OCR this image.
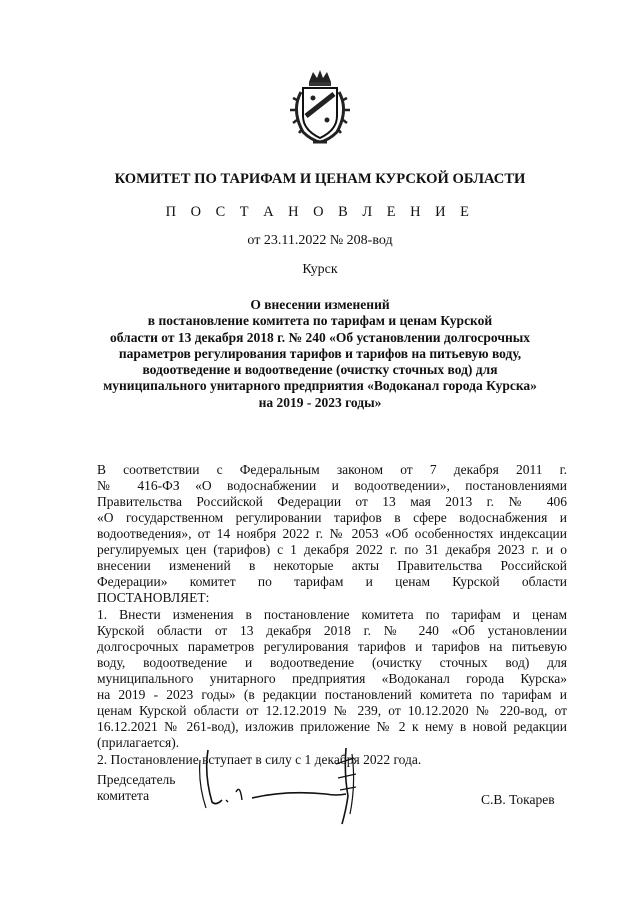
КОМИТЕТ ПО ТАРИФАМ И ЦЕНАМ КУРСКОЙ ОБЛАСТИ
П О С Т А Н О В Л Е Н И Е
от 23.11.2022 № 208-вод
Курск
О внесении изменений
в постановление комитета по тарифам и ценам Курской
области от 13 декабря 2018 г. № 240 «Об установлении долгосрочных
параметров регулирования тарифов и тарифов на питьевую воду,
водоотведение и водоотведение (очистку сточных вод) для
муниципального унитарного предприятия «Водоканал города Курска»
на 2019 - 2023 годы»
В соответствии с Федеральным законом от 7 декабря 2011 г.
№ 416-ФЗ «О водоснабжении и водоотведении», постановлениями
Правительства Российской Федерации от 13 мая 2013 г. № 406
«О государственном регулировании тарифов в сфере водоснабжения и
водоотведения», от 14 ноября 2022 г. № 2053 «Об особенностях индексации
регулируемых цен (тарифов) с 1 декабря 2022 г. по 31 декабря 2023 г. и о
внесении изменений в некоторые акты Правительства Российской
Федерации» комитет по тарифам и ценам Курской области
ПОСТАНОВЛЯЕТ:
1. Внести изменения в постановление комитета по тарифам и ценам
Курской области от 13 декабря 2018 г. № 240 «Об установлении
долгосрочных параметров регулирования тарифов и тарифов на питьевую
воду, водоотведение и водоотведение (очистку сточных вод) для
муниципального унитарного предприятия «Водоканал города Курска»
на 2019 - 2023 годы» (в редакции постановлений комитета по тарифам и
ценам Курской области от 12.12.2019 № 239, от 10.12.2020 № 220-вод, от
16.12.2021 № 261-вод), изложив приложение № 2 к нему в новой редакции
(прилагается).
2. Постановление вступает в силу с 1 декабря 2022 года.
Председатель
комитета	С.В. Токарев
